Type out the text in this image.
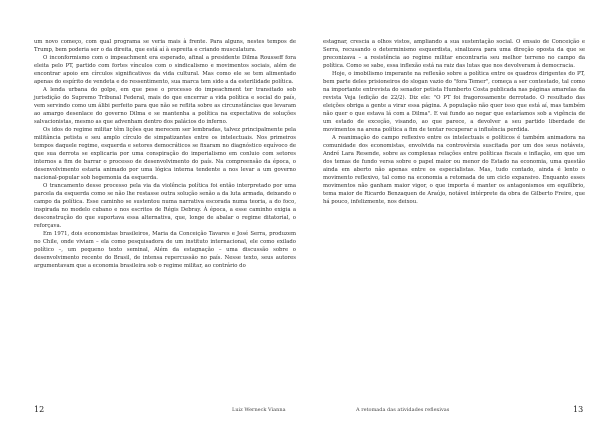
um novo começo, com qual programa se veria mais à frente. Para alguns, nestes tempos de Trump, bem poderia ser o da direita, que está aí à espreita e criando musculatura.

O inconformismo com o impeachment era esperado, afinal a presidente Dilma Rousseff fora eleita pelo PT, partido com fortes vínculos com o sindicalismo e movimentos sociais, além de encontrar apoio em círculos significativos da vida cultural. Mas como ele se tem alimentado apenas do espírito de vendeta e do ressentimento, sua marca tem sido a da esterilidade política.

A lenda urbana do golpe, em que pese o processo do impeachment ter transitado sob jurisdição do Supremo Tribunal Federal, mais do que encerrar a vida política e social do país, vem servindo como um álibi perfeito para que não se reflita sobre as circunstâncias que levaram ao amargo desenlace do governo Dilma e se mantenha a política na expectativa de soluções salvacionistas, mesmo as que advenham dentro dos palácios do inferno.

Os idos do regime militar têm lições que merecem ser lembradas, talvez principalmente pela militância petista e seu amplo círculo de simpatizantes entre os intelectuais. Nos primeiros tempos daquele regime, esquerda e setores democráticos se fixaram no diagnóstico equívoco de que sua derrota se explicaria por uma conspiração do imperialismo em conluio com setores internos a fim de barrar o processo de desenvolvimento do país. Na compreensão da época, o desenvolvimento estaria animado por uma lógica interna tendente a nos levar a um governo nacional-popular sob hegemonia da esquerda.

O trancamento desse processo pela via da violência política foi então interpretado por uma parcela da esquerda como se não lhe restasse outra solução senão a da luta armada, deixando o campo da política. Esse caminho se sustentou numa narrativa escorada numa teoria, a do foco, inspirada no modelo cubano e nos escritos de Régis Debray. À época, a esse caminho exigia a desconstrução do que suportava essa alternativa, que, longe de abalar o regime ditatorial, o reforçava.

Em 1971, dois economistas brasileiros, Maria da Conceição Tavares e José Serra, produzem no Chile, onde viviam – ela como pesquisadora de um instituto internacional, ele como exilado político –, um pequeno texto seminal, Além da estagnação – uma discussão sobre o desenvolvimento recente do Brasil, de intensa repercussão no país. Nesse texto, seus autores argumentavam que a economia brasileira sob o regime militar, ao contrário do

estagnar, crescia a olhos vistos, ampliando a sua sustentação social. O ensaio de Conceição e Serra, recusando o determinismo esquerdista, sinalizava para uma direção oposta da que se preconizava – a resistência ao regime militar encontraria seu melhor terreno no campo da política. Como se sabe, essa inflexão está na raiz das lutas que nos devolveram à democracia.

Hoje, o imobilismo imperante na reflexão sobre a política entre os quadros dirigentes do PT, bem parte deles prisioneiros do slogan vazio do "fora Temer", começa a ser contestado, tal como na importante entrevista do senador petista Humberto Costa publicada nas páginas amarelas da revista Veja (edição de 22/2). Diz ele: "O PT foi fragorosamente derrotado. O resultado das eleições obriga a gente a virar essa página. A população não quer isso que está aí, mas também não quer o que estava lá com a Dilma". E vai fundo ao negar que estaríamos sob a vigência de um estado de exceção, visando, ao que parece, a devolver a seu partido liberdade de movimentos na arena política a fim de tentar recuperar a influência perdida.

A reanimação do campo reflexivo entre os intelectuais e políticos é também animadora na comunidade dos economistas, envolvida na controvérsia suscitada por um dos seus notáveis, André Lara Resende, sobre as complexas relações entre políticas fiscais e inflação, em que um dos temas de fundo versa sobre o papel maior ou menor do Estado na economia, uma questão ainda em aberto não apenas entre os especialistas. Mas, tudo contado, ainda é lento o movimento reflexivo, tal como na economia a retomada de um ciclo expansivo. Enquanto esses movimentos não ganham maior vigor, o que importa é manter os antagonismos em equilíbrio, tema maior de Ricardo Benzaquen de Araújo, notável intérprete da obra de Gilberto Freire, que há pouco, infelizmente, nos deixou.

12	Luiz Werneck Vianna	A retomada das atividades reflexivas	13
